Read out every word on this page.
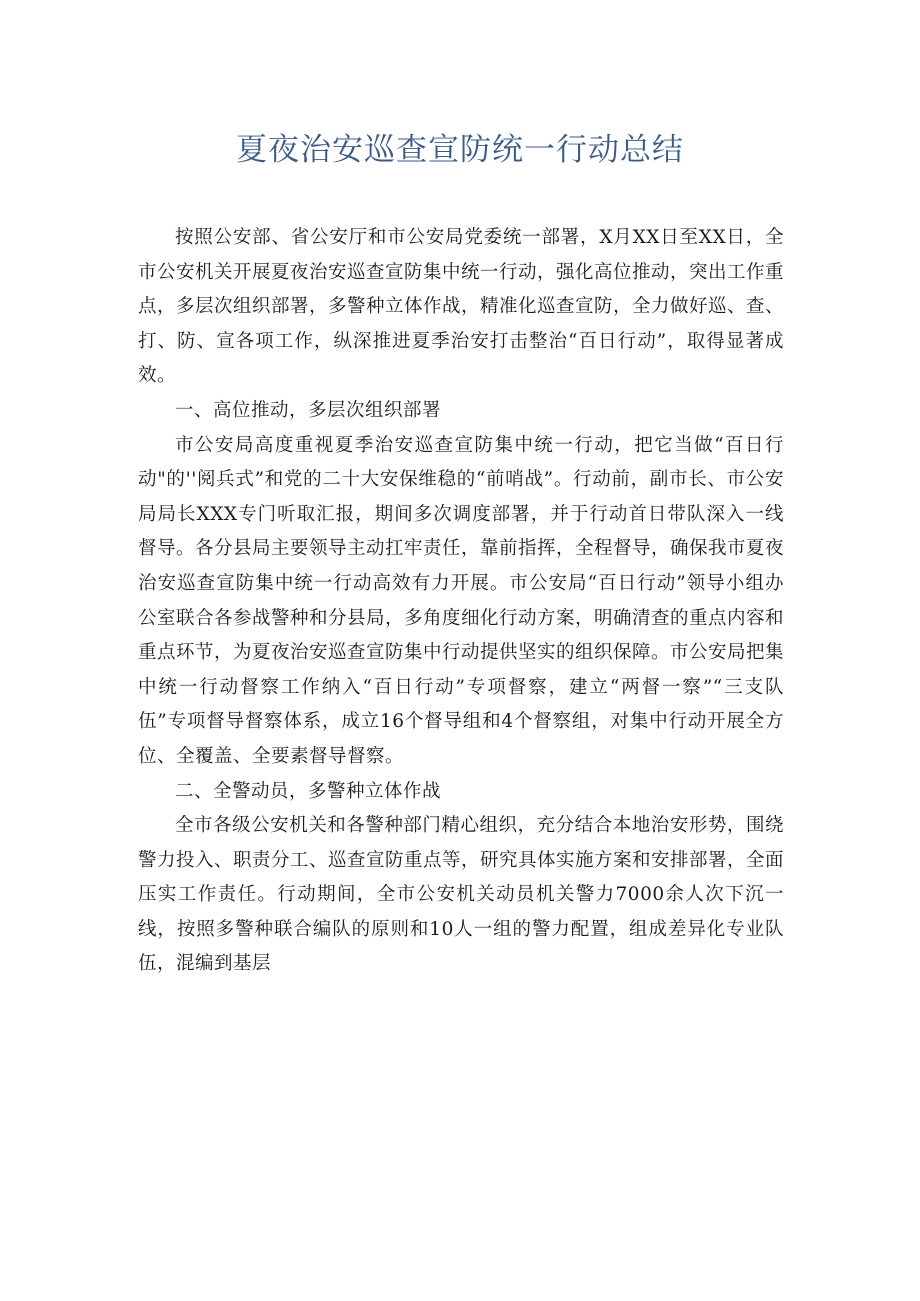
夏夜治安巡查宣防统一行动总结

按照公安部、省公安厅和市公安局党委统一部署，X月XX日至XX日，全市公安机关开展夏夜治安巡查宣防集中统一行动，强化高位推动，突出工作重点，多层次组织部署，多警种立体作战，精准化巡查宣防，全力做好巡、查、打、防、宣各项工作，纵深推进夏季治安打击整治“百日行动”，取得显著成效。

一、高位推动，多层次组织部署

市公安局高度重视夏季治安巡查宣防集中统一行动，把它当做“百日行动"的''阅兵式”和党的二十大安保维稳的“前哨战”。行动前，副市长、市公安局局长XXX专门听取汇报，期间多次调度部署，并于行动首日带队深入一线督导。各分县局主要领导主动扛牢责任，靠前指挥，全程督导，确保我市夏夜治安巡查宣防集中统一行动高效有力开展。市公安局“百日行动”领导小组办公室联合各参战警种和分县局，多角度细化行动方案，明确清查的重点内容和重点环节，为夏夜治安巡查宣防集中行动提供坚实的组织保障。市公安局把集中统一行动督察工作纳入“百日行动”专项督察，建立“两督一察”“三支队伍”专项督导督察体系，成立16个督导组和4个督察组，对集中行动开展全方位、全覆盖、全要素督导督察。

二、全警动员，多警种立体作战

全市各级公安机关和各警种部门精心组织，充分结合本地治安形势，围绕警力投入、职责分工、巡查宣防重点等，研究具体实施方案和安排部署，全面压实工作责任。行动期间，全市公安机关动员机关警力7000余人次下沉一线，按照多警种联合编队的原则和10人一组的警力配置，组成差异化专业队伍，混编到基层
